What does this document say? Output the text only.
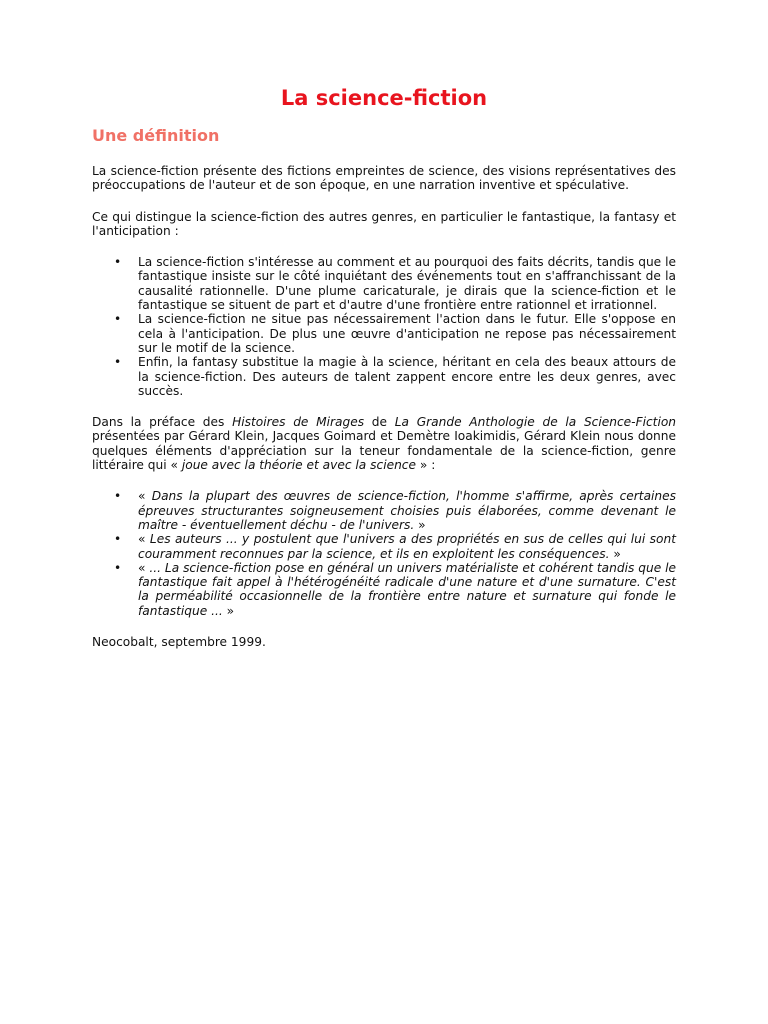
La science-fiction
Une définition

La science-fiction présente des fictions empreintes de science, des visions représentatives des préoccupations de l'auteur et de son époque, en une narration inventive et spéculative.

Ce qui distingue la science-fiction des autres genres, en particulier le fantastique, la fantasy et l'anticipation :

• La science-fiction s'intéresse au comment et au pourquoi des faits décrits, tandis que le fantastique insiste sur le côté inquiétant des événements tout en s'affranchissant de la causalité rationnelle. D'une plume caricaturale, je dirais que la science-fiction et le fantastique se situent de part et d'autre d'une frontière entre rationnel et irrationnel.
• La science-fiction ne situe pas nécessairement l'action dans le futur. Elle s'oppose en cela à l'anticipation. De plus une œuvre d'anticipation ne repose pas nécessairement sur le motif de la science.
• Enfin, la fantasy substitue la magie à la science, héritant en cela des beaux attours de la science-fiction. Des auteurs de talent zappent encore entre les deux genres, avec succès.

Dans la préface des Histoires de Mirages de La Grande Anthologie de la Science-Fiction présentées par Gérard Klein, Jacques Goimard et Demètre Ioakimidis, Gérard Klein nous donne quelques éléments d'appréciation sur la teneur fondamentale de la science-fiction, genre littéraire qui « joue avec la théorie et avec la science » :

• « Dans la plupart des œuvres de science-fiction, l'homme s'affirme, après certaines épreuves structurantes soigneusement choisies puis élaborées, comme devenant le maître - éventuellement déchu - de l'univers. »
• « Les auteurs ... y postulent que l'univers a des propriétés en sus de celles qui lui sont couramment reconnues par la science, et ils en exploitent les conséquences. »
• « ... La science-fiction pose en général un univers matérialiste et cohérent tandis que le fantastique fait appel à l'hétérogénéité radicale d'une nature et d'une surnature. C'est la perméabilité occasionnelle de la frontière entre nature et surnature qui fonde le fantastique ... »

Neocobalt, septembre 1999.
